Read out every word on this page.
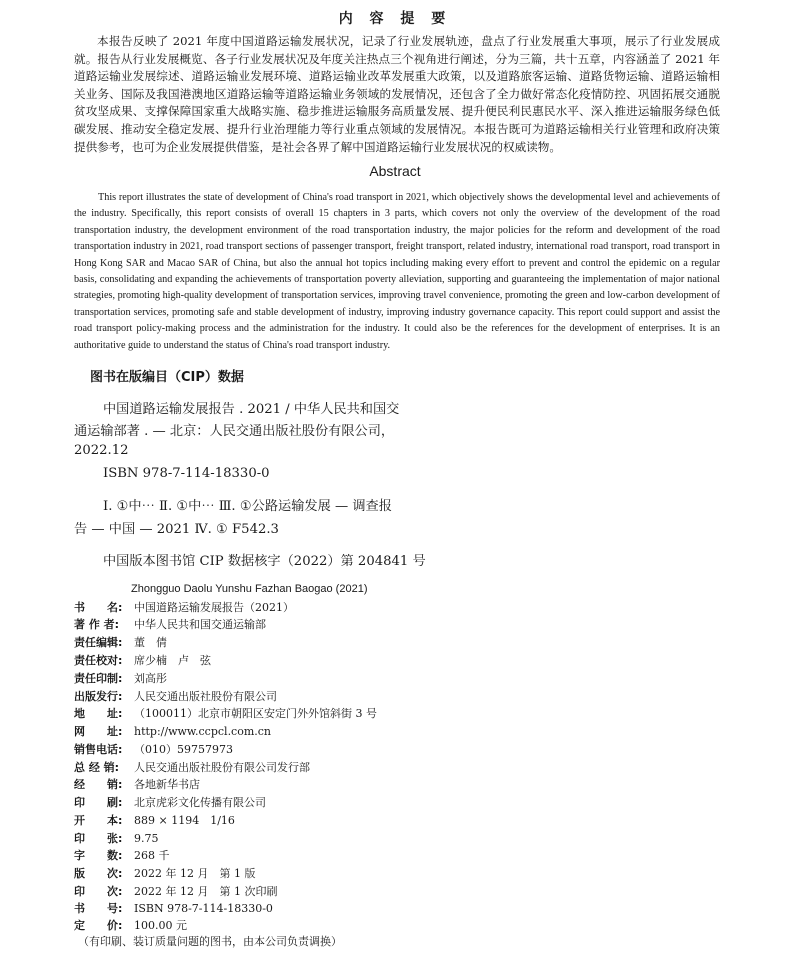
内 容 提 要
本报告反映了 2021 年度中国道路运输发展状况，记录了行业发展轨迹，盘点了行业发展重大事项，展示了行业发展成就。报告从行业发展概览、各子行业发展状况及年度关注热点三个视角进行阐述，分为三篇，共十五章，内容涵盖了 2021 年道路运输业发展综述、道路运输业发展环境、道路运输业改革发展重大政策，以及道路旅客运输、道路货物运输、道路运输相关业务、国际及我国港澳地区道路运输等道路运输业务领域的发展情况，还包含了全力做好常态化疫情防控、巩固拓展交通脱贫攻坚成果、支撑保障国家重大战略实施、稳步推进运输服务高质量发展、提升便民利民惠民水平、深入推进运输服务绿色低碳发展、推动安全稳定发展、提升行业治理能力等行业重点领域的发展情况。本报告既可为道路运输相关行业管理和政府决策提供参考，也可为企业发展提供借鉴，是社会各界了解中国道路运输行业发展状况的权威读物。
Abstract
This report illustrates the state of development of China's road transport in 2021, which objectively shows the developmental level and achievements of the industry. Specifically, this report consists of overall 15 chapters in 3 parts, which covers not only the overview of the development of the road transportation industry, the development environment of the road transportation industry, the major policies for the reform and development of the road transportation industry in 2021, road transport sections of passenger transport, freight transport, related industry, international road transport, road transport in Hong Kong SAR and Macao SAR of China, but also the annual hot topics including making every effort to prevent and control the epidemic on a regular basis, consolidating and expanding the achievements of transportation poverty alleviation, supporting and guaranteeing the implementation of major national strategies, promoting high-quality development of transportation services, improving travel convenience, promoting the green and low-carbon development of transportation services, promoting safe and stable development of industry, improving industry governance capacity. This report could support and assist the road transport policy-making process and the administration for the industry. It could also be the references for the development of enterprises. It is an authoritative guide to understand the status of China's road transport industry.
图书在版编目（CIP）数据
中国道路运输发展报告 . 2021 / 中华人民共和国交
通运输部著 . — 北京：人民交通出版社股份有限公司，
2022.12
ISBN 978-7-114-18330-0
Ⅰ. ①中⋯ Ⅱ. ①中⋯ Ⅲ. ①公路运输发展 — 调查报
告 — 中国 — 2021 Ⅳ. ① F542.3
中国版本图书馆 CIP 数据核字（2022）第 204841 号
Zhongguo Daolu Yunshu Fazhan Baogao (2021)
书　　名:	中国道路运输发展报告（2021）
著 作 者:	中华人民共和国交通运输部
责任编辑:	董　倩
责任校对:	席少楠　卢　弦
责任印制:	刘高彤
出版发行:	人民交通出版社股份有限公司
地　　址:	（100011）北京市朝阳区安定门外外馆斜街 3 号
网　　址:	http://www.ccpcl.com.cn
销售电话:	（010）59757973
总 经 销:	人民交通出版社股份有限公司发行部
经　　销:	各地新华书店
印　　刷:	北京虎彩文化传播有限公司
开　　本:	889 × 1194　1/16
印　　张:	9.75
字　　数:	268 千
版　　次:	2022 年 12 月　第 1 版
印　　次:	2022 年 12 月　第 1 次印刷
书　　号:	ISBN 978-7-114-18330-0
定　　价:	100.00 元
（有印刷、装订质量问题的图书，由本公司负责调换）
